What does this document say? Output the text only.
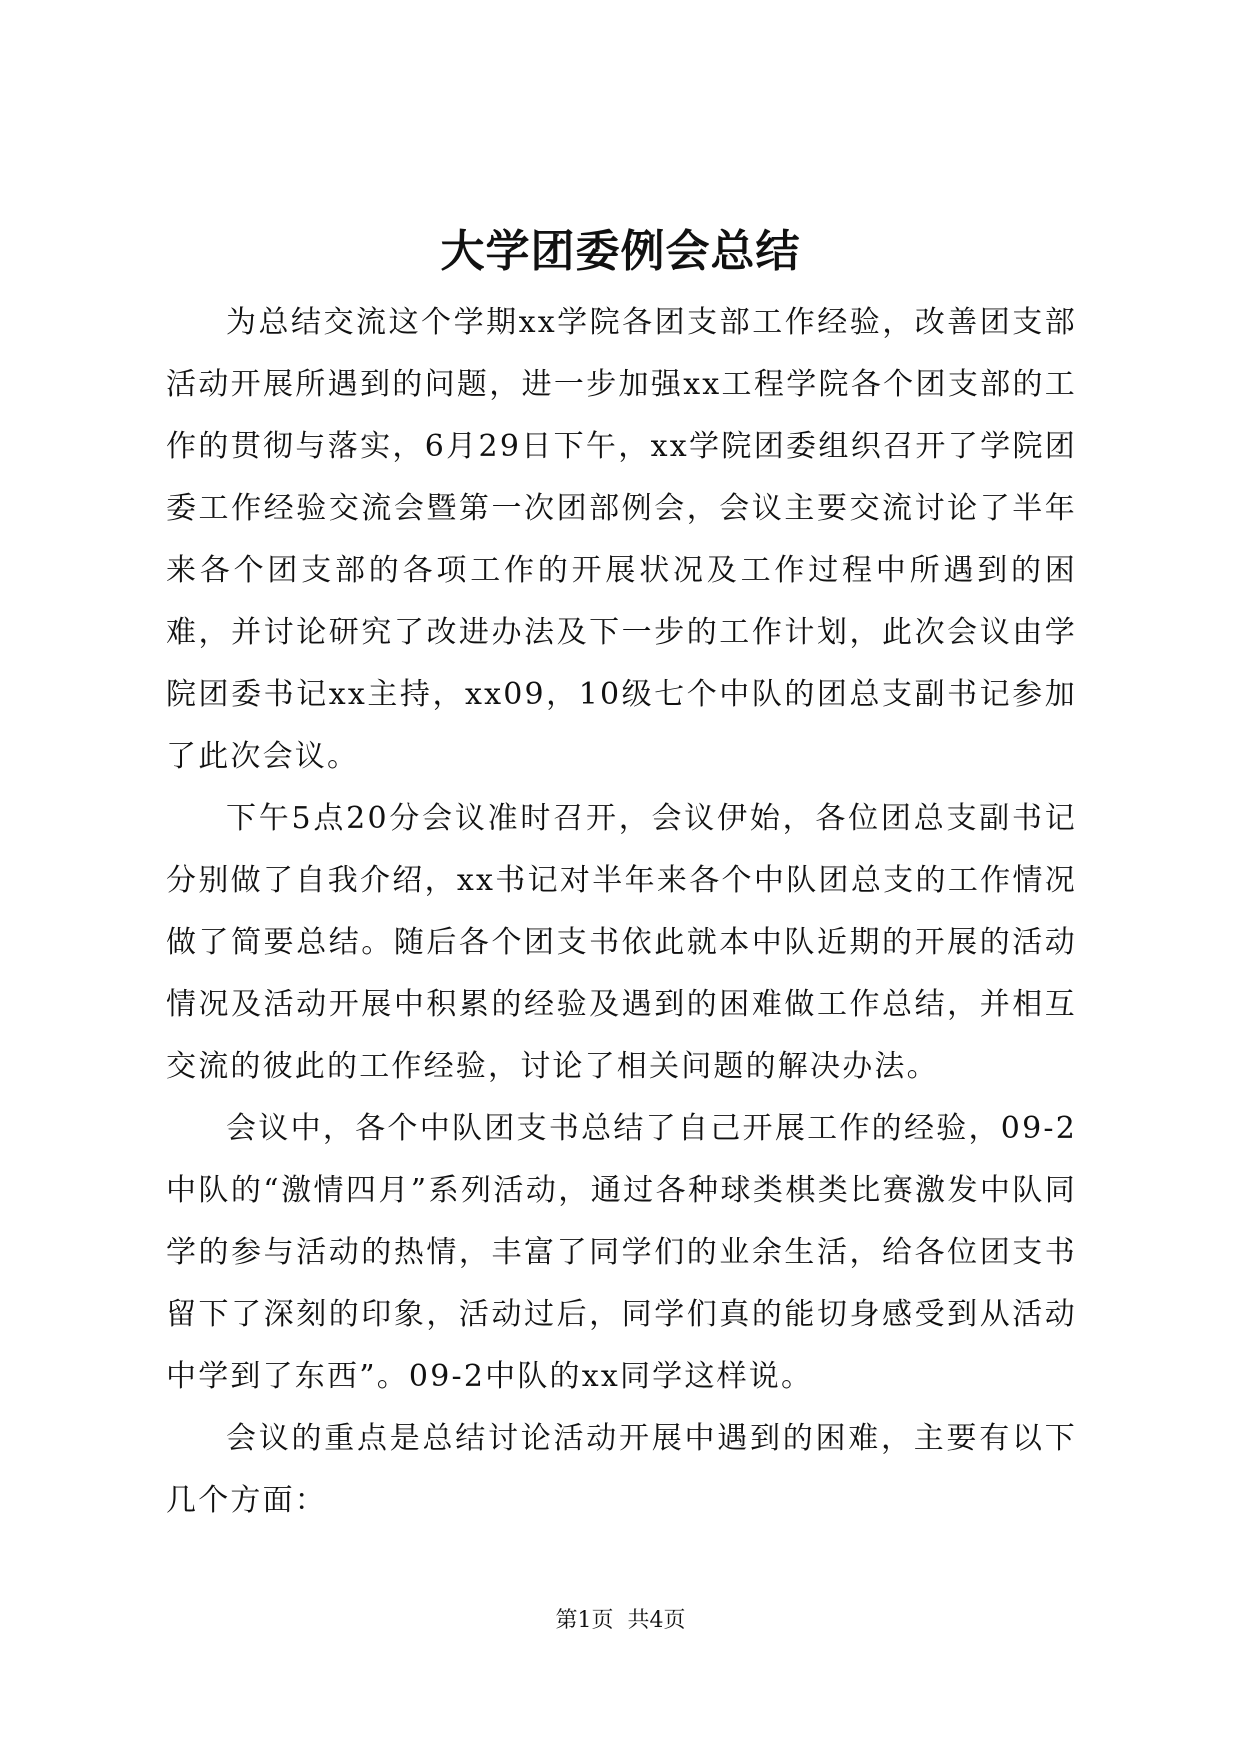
大学团委例会总结

为总结交流这个学期xx学院各团支部工作经验，改善团支部活动开展所遇到的问题，进一步加强xx工程学院各个团支部的工作的贯彻与落实，6月29日下午，xx学院团委组织召开了学院团委工作经验交流会暨第一次团部例会，会议主要交流讨论了半年来各个团支部的各项工作的开展状况及工作过程中所遇到的困难，并讨论研究了改进办法及下一步的工作计划，此次会议由学院团委书记xx主持，xx09，10级七个中队的团总支副书记参加了此次会议。

下午5点20分会议准时召开，会议伊始，各位团总支副书记分别做了自我介绍，xx书记对半年来各个中队团总支的工作情况做了简要总结。随后各个团支书依此就本中队近期的开展的活动情况及活动开展中积累的经验及遇到的困难做工作总结，并相互交流的彼此的工作经验，讨论了相关问题的解决办法。

会议中，各个中队团支书总结了自己开展工作的经验，09-2中队的“激情四月”系列活动，通过各种球类棋类比赛激发中队同学的参与活动的热情，丰富了同学们的业余生活，给各位团支书留下了深刻的印象，活动过后，同学们真的能切身感受到从活动中学到了东西”。09-2中队的xx同学这样说。

会议的重点是总结讨论活动开展中遇到的困难，主要有以下几个方面：

第1页  共4页
